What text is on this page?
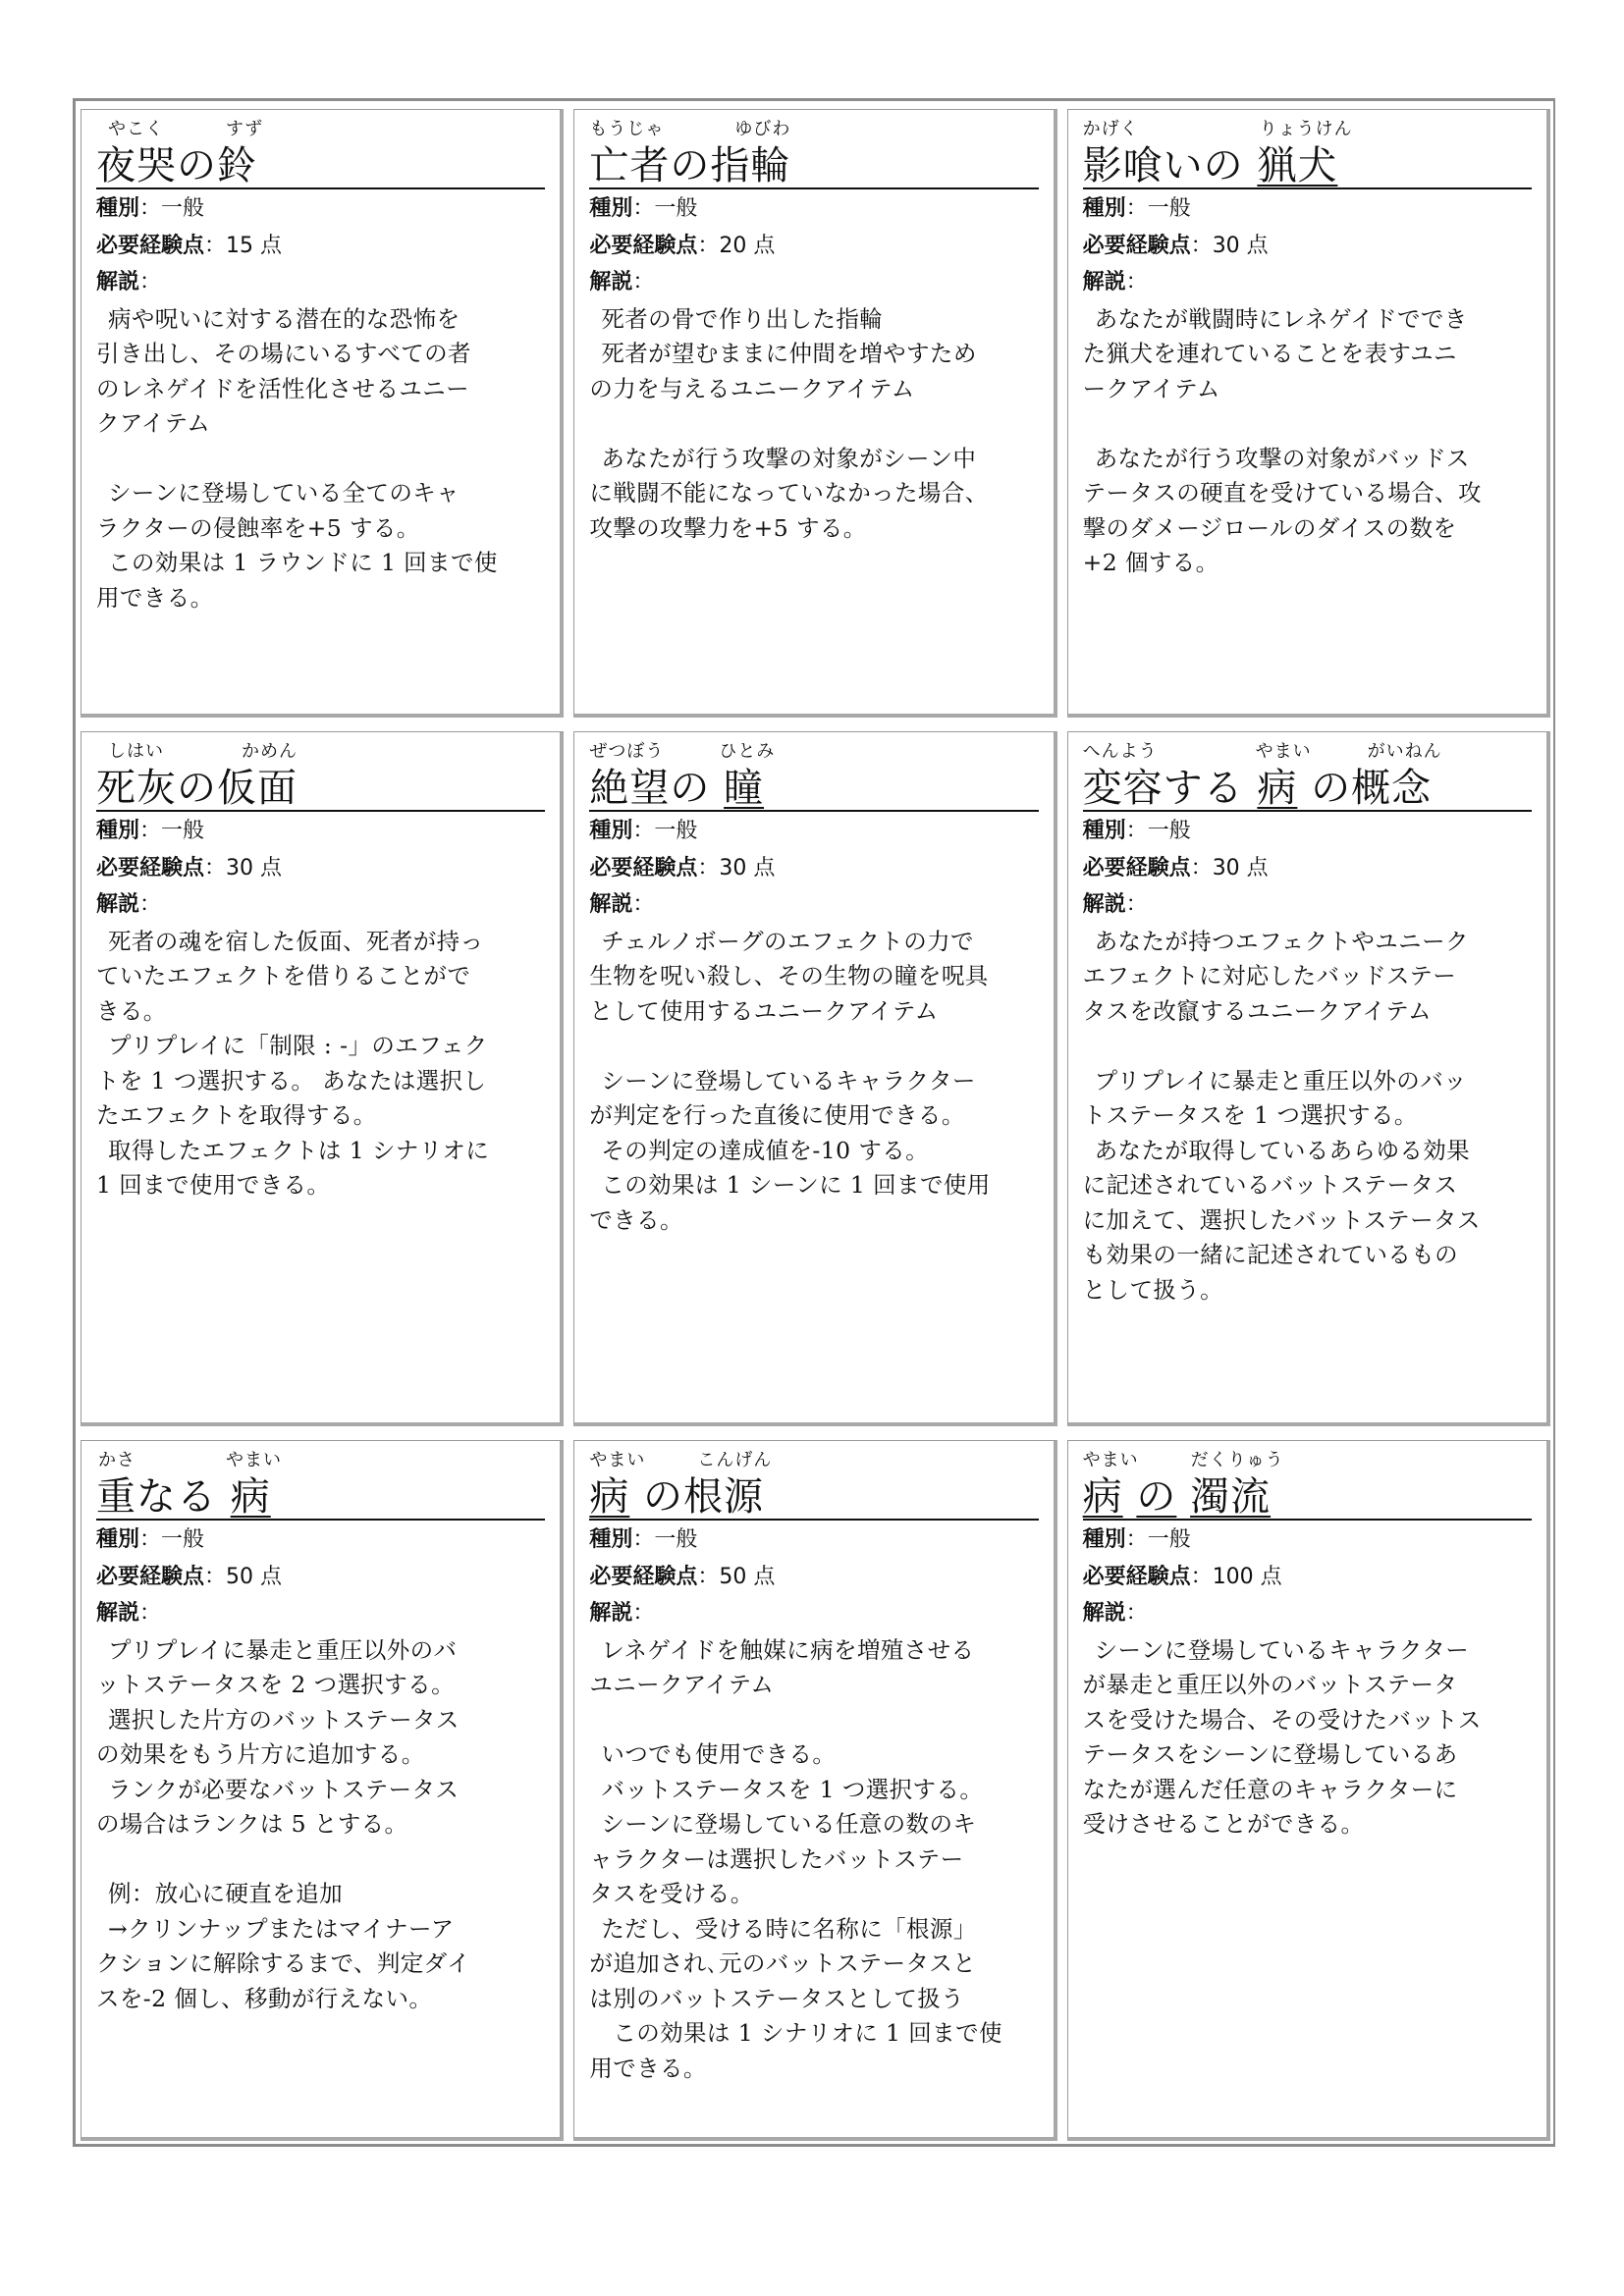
やこく	すず
夜哭の鈴
種別：一般
必要経験点：15 点
解説：
病や呪いに対する潜在的な恐怖を
引き出し、その場にいるすべての者
のレネゲイドを活性化させるユニー
クアイテム
シーンに登場している全てのキャ
ラクターの侵蝕率を+5 する。
この効果は 1 ラウンドに 1 回まで使
用できる。
もうじゃ	ゆびわ
亡者の指輪
種別：一般
必要経験点：20 点
解説：
死者の骨で作り出した指輪
死者が望むままに仲間を増やすため
の力を与えるユニークアイテム
あなたが行う攻撃の対象がシーン中
に戦闘不能になっていなかった場合、
攻撃の攻撃力を+5 する。
かげく	りょうけん
影喰いの 猟犬
種別：一般
必要経験点：30 点
解説：
あなたが戦闘時にレネゲイドででき
た猟犬を連れていることを表すユニ
ークアイテム
あなたが行う攻撃の対象がバッドス
テータスの硬直を受けている場合、攻
撃のダメージロールのダイスの数を
+2 個する。
しはい	かめん
死灰の仮面
種別：一般
必要経験点：30 点
解説：
死者の魂を宿した仮面、死者が持っ
ていたエフェクトを借りることがで
きる。
プリプレイに「制限 : -」のエフェク
トを 1 つ選択する。 あなたは選択し
たエフェクトを取得する。
取得したエフェクトは 1 シナリオに
1 回まで使用できる。
ぜつぼう	ひとみ
絶望の 瞳
種別：一般
必要経験点：30 点
解説：
チェルノボーグのエフェクトの力で
生物を呪い殺し、その生物の瞳を呪具
として使用するユニークアイテム
シーンに登場しているキャラクター
が判定を行った直後に使用できる。
その判定の達成値を-10 する。
この効果は 1 シーンに 1 回まで使用
できる。
へんよう	やまい	がいねん
変容する 病 の概念
種別：一般
必要経験点：30 点
解説：
あなたが持つエフェクトやユニーク
エフェクトに対応したバッドステー
タスを改竄するユニークアイテム
プリプレイに暴走と重圧以外のバッ
トステータスを 1 つ選択する。
あなたが取得しているあらゆる効果
に記述されているバットステータス
に加えて、選択したバットステータス
も効果の一緒に記述されているもの
として扱う。
かさ	やまい
重なる 病
種別：一般
必要経験点：50 点
解説：
プリプレイに暴走と重圧以外のバ
ットステータスを 2 つ選択する。
選択した片方のバットステータス
の効果をもう片方に追加する。
ランクが必要なバットステータス
の場合はランクは 5 とする。
例：放心に硬直を追加
→クリンナップまたはマイナーア
クションに解除するまで、判定ダイ
スを-2 個し、移動が行えない。
やまい	こんげん
病 の根源
種別：一般
必要経験点：50 点
解説：
レネゲイドを触媒に病を増殖させる
ユニークアイテム
いつでも使用できる。
バットステータスを 1 つ選択する。
シーンに登場している任意の数のキ
ャラクターは選択したバットステー
タスを受ける。
ただし、受ける時に名称に「根源」
が追加され､元のバットステータスと
は別のバットステータスとして扱う
この効果は 1 シナリオに 1 回まで使
用できる。
やまい	だくりゅう
病 の 濁流
種別：一般
必要経験点：100 点
解説：
シーンに登場しているキャラクター
が暴走と重圧以外のバットステータ
スを受けた場合、その受けたバットス
テータスをシーンに登場しているあ
なたが選んだ任意のキャラクターに
受けさせることができる。
